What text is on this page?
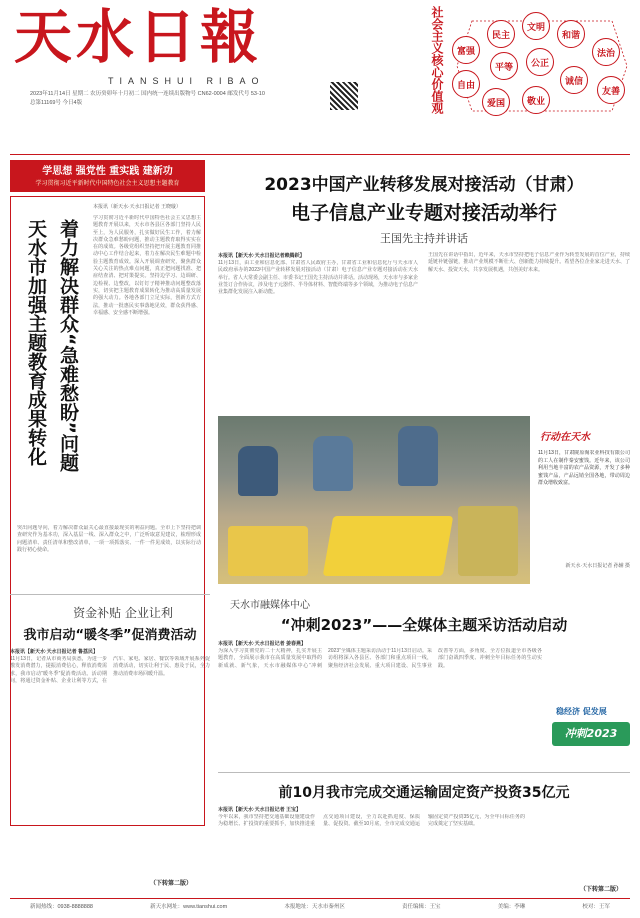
天水日報
TIANSHUI RIBAO
2023年11月14日 星期二 农历癸卯年十月初二 国内统一连续出版物号 CN62-0004 邮发代号 53-10
总第11169号 今日4版	社会主义核心价值观	富强
民主
文明
和谐
自由
平等	公正
法治
爱国	敬业
诚信
友善
学思想 强党性 重实践 建新功
学习贯彻习近平新时代中国特色社会主义思想主题教育
天水市加强主题教育成果转化 着力解决群众“急难愁盼”问题
本报讯（新天水·天水日报记者 王晓璇）
学习贯彻习近平新时代中国特色社会主义思想主题教育开展以来，天水市各县区各部门坚持人民至上，为人民服务，扎实做好民生工作，着力解决群众急难愁盼问题，推动主题教育取得实实在在的成效。各级党组织坚持把开展主题教育同推动中心工作结合起来，着力在解决民生难题中检验主题教育成效。深入开展调查研究，聚焦群众关心关注的热点难点问题，真正把问题找准、把症结查清、把对策提实。坚持边学习、边调研、边检视、边整改，以钉钉子精神推动问题整改落实，切实把主题教育成果转化为推动高质量发展的强大动力。各地各部门立足实际，创新方式方法，推动一批惠民实事落地见效，群众获得感、幸福感、安全感不断增强。
突出问题导向，着力解决群众最关心最直接最现实的利益问题。全市上下坚持把调查研究作为基本功，深入基层一线、深入群众之中，广泛听取意见建议，梳理形成问题清单、责任清单和整改清单，一项一项抓落实、一件一件见成效，以实际行动践行初心使命。
2023中国产业转移发展对接活动（甘肃）
电子信息产业专题对接活动举行
王国先主持并讲话
本报讯【新天水·天水日报记者赖腾跃】
11月13日，由工业和信息化部、甘肃省人民政府主办，甘肃省工业和信息化厅与天水市人民政府承办的2023中国产业转移发展对接活动（甘肃）电子信息产业专题对接活动在天水举行。省人大常委会副主任、市委书记王国先主持活动并讲话。活动现场，天水市与多家企业签订合作协议，涉及电子元器件、半导体材料、智能终端等多个领域，为推动电子信息产业集群化发展注入新动能。
王国先在讲话中指出，近年来，天水市坚持把电子信息产业作为转型发展的首位产业，持续延链补链强链，推动产业规模不断壮大、创新能力持续提升。希望各位企业家走进天水、了解天水、投资天水，共享发展机遇，共创美好未来。
行动在天水
11月13日，甘肃陇原淘农业科技有限公司的工人在制作秦安蜜饯。近年来，该公司利用当地丰富的农产品资源，开发了多种蜜饯产品，产品远销全国各地，带动周边群众增收致富。
新天水·天水日报记者 孙辅 摄
天水市融媒体中心
“冲刺2023”——全媒体主题采访活动启动
本报讯【新天水·天水日报记者 姜春燕】
为深入学习贯彻党的二十大精神，扎实开展主题教育，全面展示我市在高质量发展中取得的新成就、新气象，天水市融媒体中心“冲刺2023”全媒体主题采访活动于11月13日启动。采访组将深入各县区、各部门和重点项目一线，聚焦经济社会发展、重大项目建设、民生事业改善等方面，多角度、全方位报道全市各级各部门奋战四季度、冲刺全年目标任务的生动实践。
稳经济 促发展
冲刺2023
资金补贴 企业让利
我市启动“暖冬季”促消费活动
本报讯【新天水·天水日报记者 鲁荔民】
11月13日，记者从市商务局获悉，为进一步激发消费潜力，提振消费信心，释放消费需求，我市启动“暖冬季”促消费活动。活动期间，将通过资金补贴、企业让利等方式，在汽车、家电、家居、餐饮等领域开展系列促消费活动，切实让利于民、惠及于民，全力推动消费市场回暖升温。
（下转第二版）
前10月我市完成交通运输固定资产投资35亿元
本报讯【新天水·天水日报记者 王宝】
今年以来，我市坚持把交通基础设施建设作为稳增长、扩投资的重要抓手，加快推进重点交通项目建设，全力以赴抓进度、保质量、促投资。截至10月底，全市完成交通运输固定资产投资35亿元，为全年目标任务的完成奠定了坚实基础。
（下转第二版）
新闻热线：0938-8888888	新天水网址：www.tianshui.com	本报地址：天水市秦州区	责任编辑：王宝	美编：李琳	校对：王军
